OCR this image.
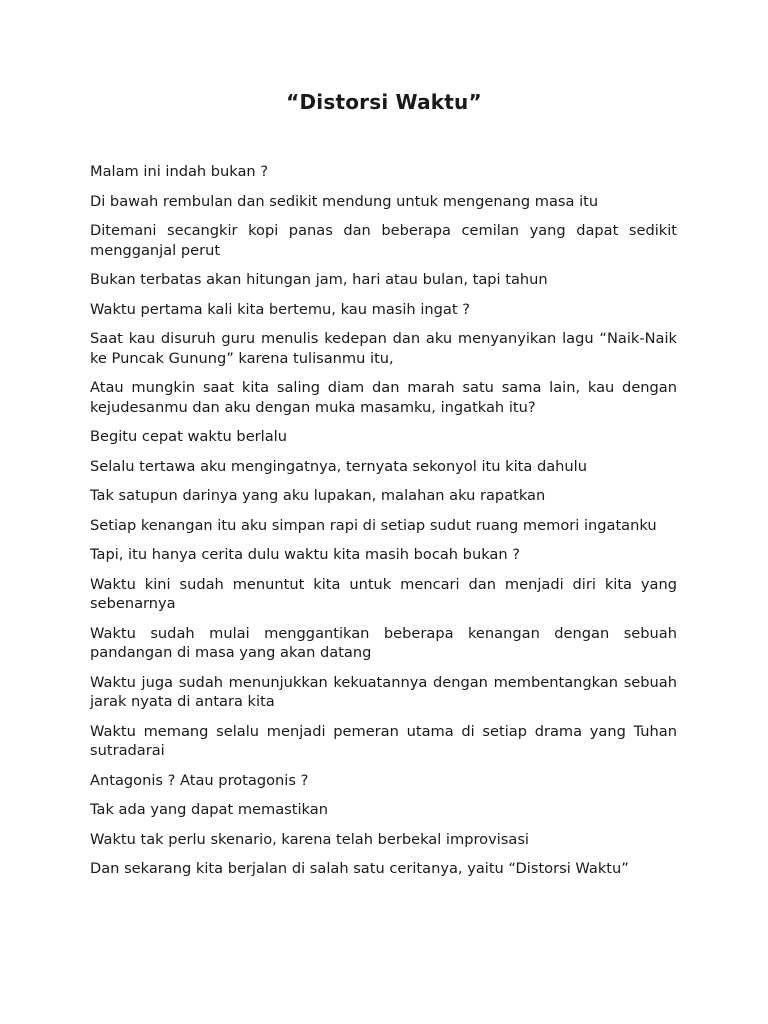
“Distorsi Waktu”

Malam ini indah bukan ?

Di bawah rembulan dan sedikit mendung untuk mengenang masa itu

Ditemani secangkir kopi panas dan beberapa cemilan yang dapat sedikit mengganjal perut

Bukan terbatas akan hitungan jam, hari atau bulan, tapi tahun

Waktu pertama kali kita bertemu, kau masih ingat ?

Saat kau disuruh guru menulis kedepan dan aku menyanyikan lagu “Naik-Naik ke Puncak Gunung” karena tulisanmu itu,

Atau mungkin saat kita saling diam dan marah satu sama lain, kau dengan kejudesanmu dan aku dengan muka masamku, ingatkah itu?

Begitu cepat waktu berlalu

Selalu tertawa aku mengingatnya, ternyata sekonyol itu kita dahulu

Tak satupun darinya yang aku lupakan, malahan aku rapatkan

Setiap kenangan itu aku simpan rapi di setiap sudut ruang memori ingatanku

Tapi, itu hanya cerita dulu waktu kita masih bocah bukan ?

Waktu kini sudah menuntut kita untuk mencari dan menjadi diri kita yang sebenarnya

Waktu sudah mulai menggantikan beberapa kenangan dengan sebuah pandangan di masa yang akan datang

Waktu juga sudah menunjukkan kekuatannya dengan membentangkan sebuah jarak nyata di antara kita

Waktu memang selalu menjadi pemeran utama di setiap drama yang Tuhan sutradarai

Antagonis ? Atau protagonis ?

Tak ada yang dapat memastikan

Waktu tak perlu skenario, karena telah berbekal improvisasi

Dan sekarang kita berjalan di salah satu ceritanya, yaitu “Distorsi Waktu”
